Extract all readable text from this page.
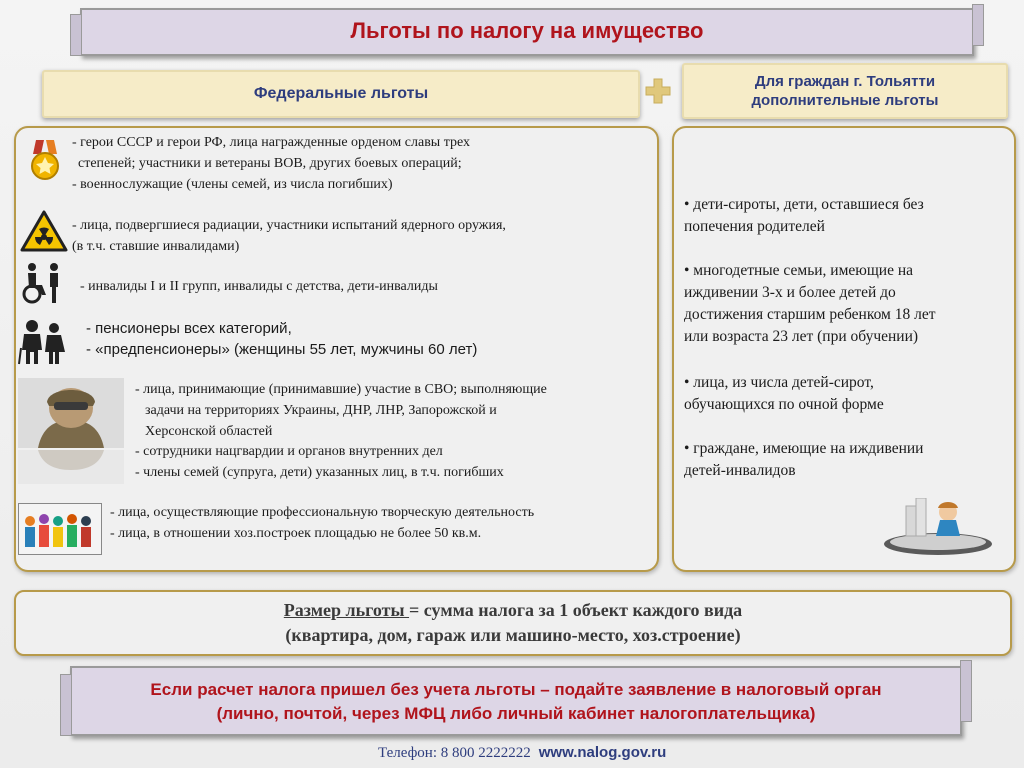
Льготы по налогу на имущество
Федеральные льготы
Для граждан г. Тольятти
дополнительные льготы
- герои СССР и герои РФ, лица награжденные орденом славы трех
степеней; участники и ветераны ВОВ, других боевых операций;
- военнослужащие (члены семей, из числа погибших)
- лица, подвергшиеся радиации, участники испытаний ядерного оружия,
(в т.ч. ставшие инвалидами)
- инвалиды I и II групп, инвалиды с детства, дети-инвалиды
- пенсионеры всех категорий,
- «предпенсионеры» (женщины 55 лет, мужчины 60 лет)
- лица, принимающие (принимавшие) участие в СВО; выполняющие
задачи на территориях Украины, ДНР, ЛНР, Запорожской и
Херсонской областей
- сотрудники нацгвардии и органов внутренних дел
- члены семей (супруга, дети) указанных лиц, в т.ч. погибших
- лица, осуществляющие профессиональную творческую деятельность
- лица, в отношении хоз.построек площадью не более 50 кв.м.
• дети-сироты, дети, оставшиеся без
попечения родителей
• многодетные семьи, имеющие на
иждивении 3-х и более детей до
достижения старшим ребенком 18 лет
или возраста 23 лет (при обучении)
• лица, из числа детей-сирот,
обучающихся по очной форме
• граждане, имеющие на иждивении
детей-инвалидов
Размер льготы = сумма налога за 1 объект каждого вида
(квартира, дом, гараж или машино-место, хоз.строение)
Если расчет налога пришел без учета льготы – подайте заявление в налоговый орган
(лично, почтой, через МФЦ либо личный кабинет налогоплательщика)
Телефон: 8 800 2222222 www.nalog.gov.ru
